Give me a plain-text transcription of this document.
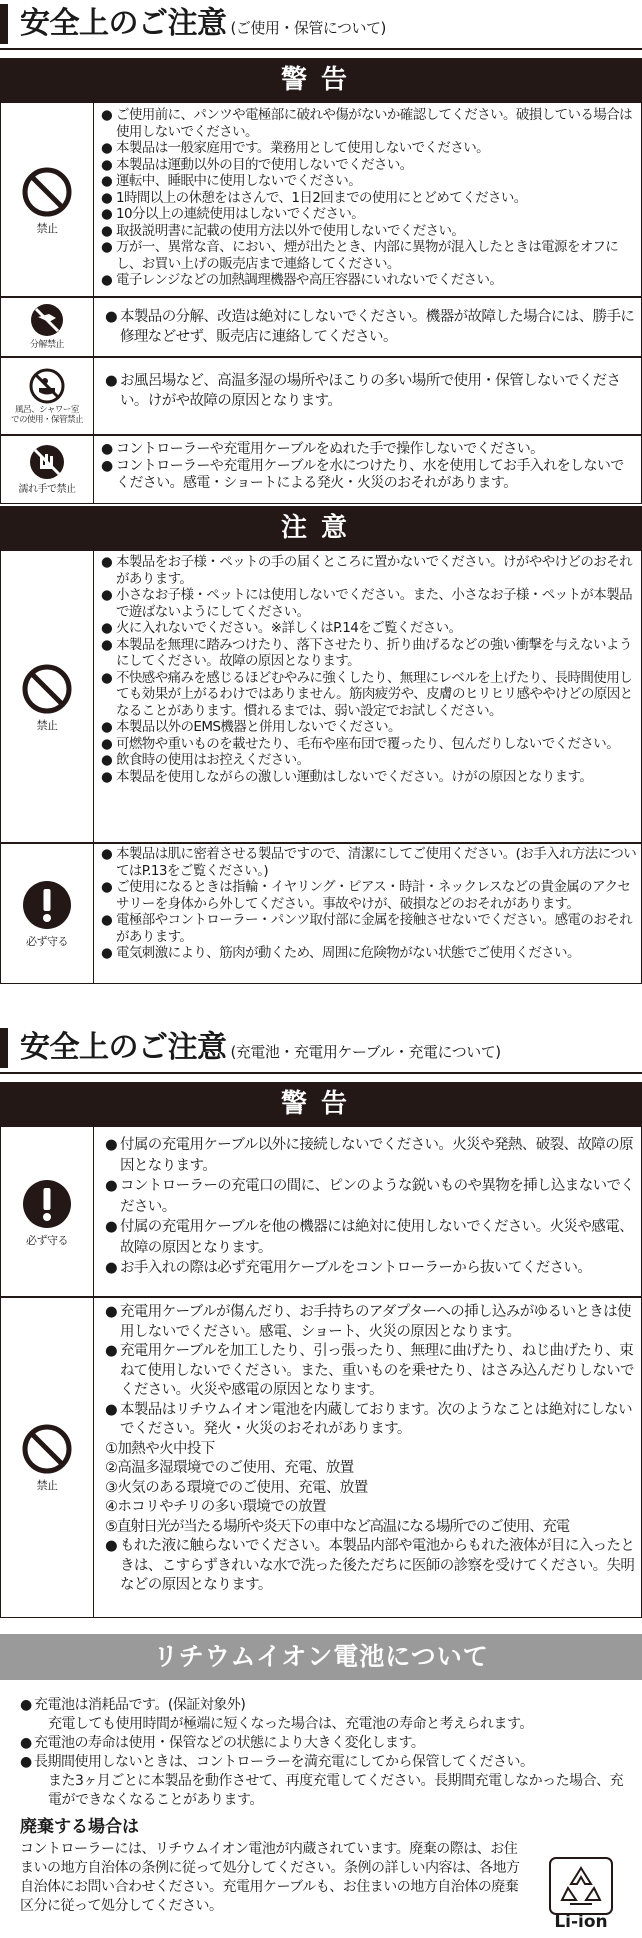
安全上のご注意 (ご使用・保管について)
警告
禁止
● ご使用前に、パンツや電極部に破れや傷がないか確認してください。破損している場合は使用しないでください。
● 本製品は一般家庭用です。業務用として使用しないでください。
● 本製品は運動以外の目的で使用しないでください。
● 運転中、睡眠中に使用しないでください。
● 1時間以上の休憩をはさんで、1日2回までの使用にとどめてください。
● 10分以上の連続使用はしないでください。
● 取扱説明書に記載の使用方法以外で使用しないでください。
● 万が一、異常な音、におい、煙が出たとき、内部に異物が混入したときは電源をオフにし、お買い上げの販売店まで連絡してください。
● 電子レンジなどの加熱調理機器や高圧容器にいれないでください。
分解禁止
● 本製品の分解、改造は絶対にしないでください。機器が故障した場合には、勝手に修理などせず、販売店に連絡してください。
風呂、シャワー室
での使用・保管禁止
● お風呂場など、高温多湿の場所やほこりの多い場所で使用・保管しないでください。けがや故障の原因となります。
濡れ手で禁止
● コントローラーや充電用ケーブルをぬれた手で操作しないでください。
● コントローラーや充電用ケーブルを水につけたり、水を使用してお手入れをしないでください。感電・ショートによる発火・火災のおそれがあります。
注意
禁止
● 本製品をお子様・ペットの手の届くところに置かないでください。けがややけどのおそれがあります。
● 小さなお子様・ペットには使用しないでください。また、小さなお子様・ペットが本製品で遊ばないようにしてください。
● 火に入れないでください。※詳しくはP.14をご覧ください。
● 本製品を無理に踏みつけたり、落下させたり、折り曲げるなどの強い衝撃を与えないようにしてください。故障の原因となります。
● 不快感や痛みを感じるほどむやみに強くしたり、無理にレベルを上げたり、長時間使用しても効果が上がるわけではありません。筋肉疲労や、皮膚のヒリヒリ感ややけどの原因となることがあります。慣れるまでは、弱い設定でお試しください。
● 本製品以外のEMS機器と併用しないでください。
● 可燃物や重いものを載せたり、毛布や座布団で覆ったり、包んだりしないでください。
● 飲食時の使用はお控えください。
● 本製品を使用しながらの激しい運動はしないでください。けがの原因となります。
必ず守る
● 本製品は肌に密着させる製品ですので、清潔にしてご使用ください。(お手入れ方法についてはP.13をご覧ください。)
● ご使用になるときは指輪・イヤリング・ピアス・時計・ネックレスなどの貴金属のアクセサリーを身体から外してください。事故やけが、破損などのおそれがあります。
● 電極部やコントローラー・パンツ取付部に金属を接触させないでください。感電のおそれがあります。
● 電気刺激により、筋肉が動くため、周囲に危険物がない状態でご使用ください。
安全上のご注意 (充電池・充電用ケーブル・充電について)
警告
必ず守る
● 付属の充電用ケーブル以外に接続しないでください。火災や発熱、破裂、故障の原因となります。
● コントローラーの充電口の間に、ピンのような鋭いものや異物を挿し込まないでください。
● 付属の充電用ケーブルを他の機器には絶対に使用しないでください。火災や感電、故障の原因となります。
● お手入れの際は必ず充電用ケーブルをコントローラーから抜いてください。
禁止
● 充電用ケーブルが傷んだり、お手持ちのアダプターへの挿し込みがゆるいときは使用しないでください。感電、ショート、火災の原因となります。
● 充電用ケーブルを加工したり、引っ張ったり、無理に曲げたり、ねじ曲げたり、束ねて使用しないでください。また、重いものを乗せたり、はさみ込んだりしないでください。火災や感電の原因となります。
● 本製品はリチウムイオン電池を内蔵しております。次のようなことは絶対にしないでください。発火・火災のおそれがあります。
①加熱や火中投下
②高温多湿環境でのご使用、充電、放置
③火気のある環境でのご使用、充電、放置
④ホコリやチリの多い環境での放置
⑤直射日光が当たる場所や炎天下の車中など高温になる場所でのご使用、充電
● もれた液に触らないでください。本製品内部や電池からもれた液体が目に入ったときは、こすらずきれいな水で洗った後ただちに医師の診察を受けてください。失明などの原因となります。
リチウムイオン電池について
● 充電池は消耗品です。(保証対象外)
充電しても使用時間が極端に短くなった場合は、充電池の寿命と考えられます。
● 充電池の寿命は使用・保管などの状態により大きく変化します。
● 長期間使用しないときは、コントローラーを満充電にしてから保管してください。
また3ヶ月ごとに本製品を動作させて、再度充電してください。長期間充電しなかった場合、充電ができなくなることがあります。
廃棄する場合は
コントローラーには、リチウムイオン電池が内蔵されています。廃棄の際は、お住まいの地方自治体の条例に従って処分してください。条例の詳しい内容は、各地方自治体にお問い合わせください。充電用ケーブルも、お住まいの地方自治体の廃棄区分に従って処分してください。
Li-ion
